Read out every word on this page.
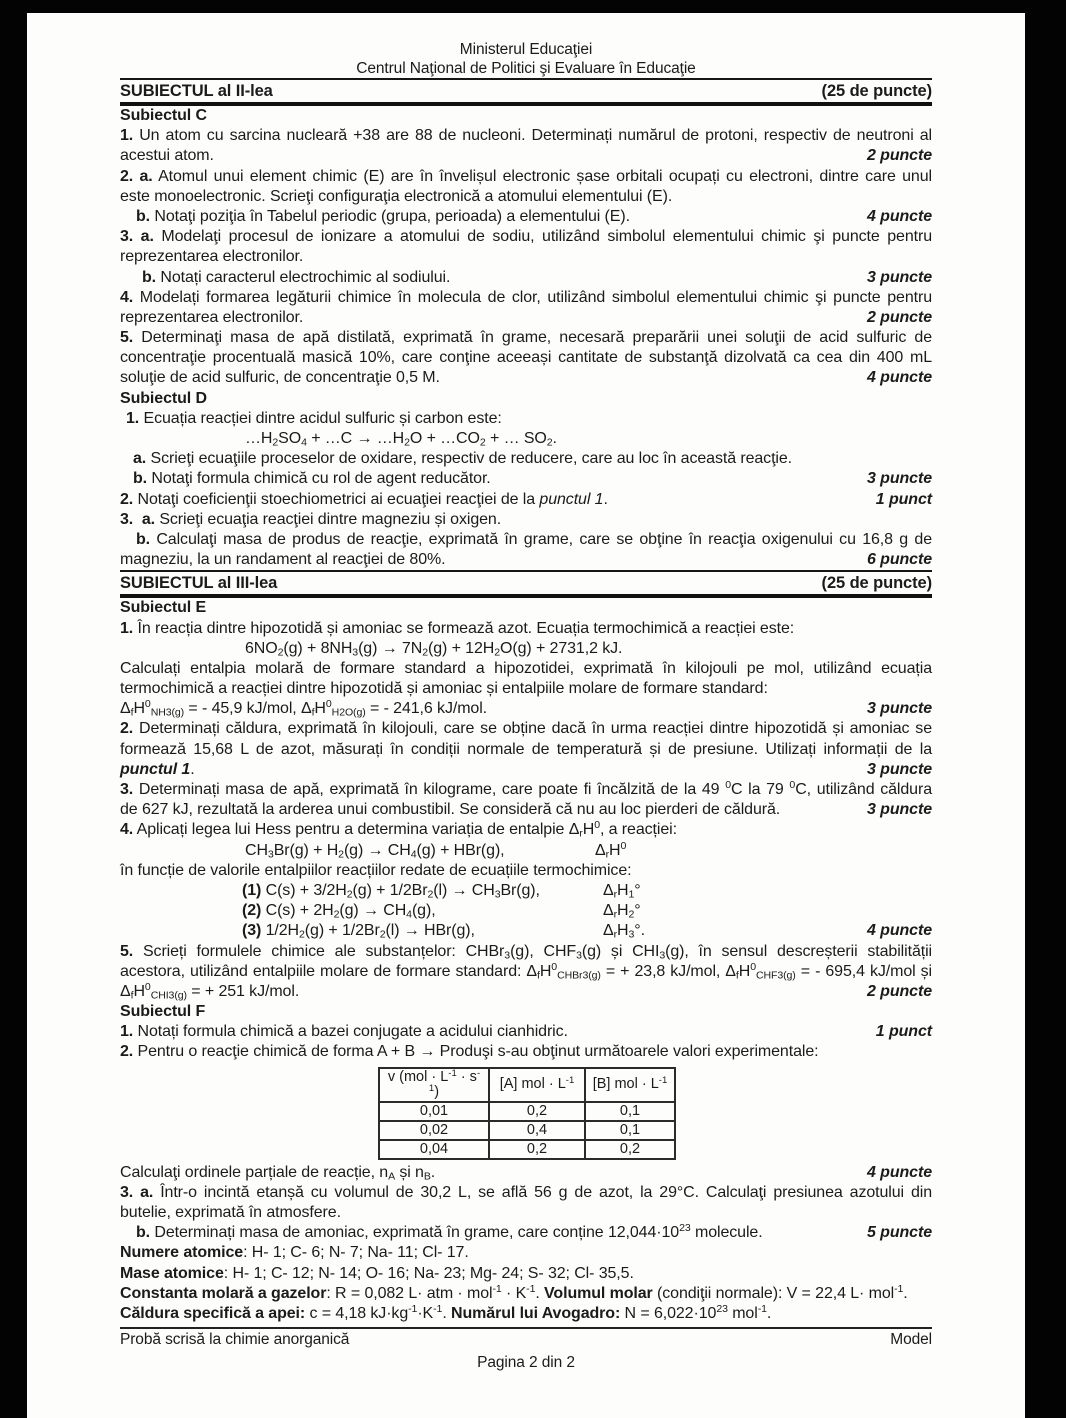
Ministerul Educaţiei
Centrul Naţional de Politici şi Evaluare în Educaţie
SUBIECTUL al II-lea	(25 de puncte)
Subiectul C
1. Un atom cu sarcina nucleară +38 are 88 de nucleoni. Determinați numărul de protoni, respectiv de neutroni al
acestui atom.	2 puncte
2. a. Atomul unui element chimic (E) are în învelișul electronic șase orbitali ocupați cu electroni, dintre care unul
este monoelectronic. Scrieţi configuraţia electronică a atomului elementului (E).
b. Notaţi poziţia în Tabelul periodic (grupa, perioada) a elementului (E).	4 puncte
3. a. Modelaţi procesul de ionizare a atomului de sodiu, utilizând simbolul elementului chimic şi puncte pentru
reprezentarea electronilor.
b. Notați caracterul electrochimic al sodiului.	3 puncte
4. Modelați formarea legăturii chimice în molecula de clor, utilizând simbolul elementului chimic şi puncte pentru
reprezentarea electronilor.	2 puncte
5. Determinaţi masa de apă distilată, exprimată în grame, necesară preparării unei soluţii de acid sulfuric de
concentraţie procentuală masică 10%, care conţine aceeași cantitate de substanţă dizolvată ca cea din 400 mL
soluţie de acid sulfuric, de concentraţie 0,5 M.	4 puncte
Subiectul D
1. Ecuația reacției dintre acidul sulfuric și carbon este:
$\dots H_2SO_4$ + …C → $\dots H_2O$ + $\dots CO_2$ + … $SO_2$.
a. Scrieţi ecuaţiile proceselor de oxidare, respectiv de reducere, care au loc în această reacţie.
b. Notaţi formula chimică cu rol de agent reducător.	3 puncte
2. Notaţi coeficienţii stoechiometrici ai ecuaţiei reacţiei de la punctul 1.	1 punct
3.  a. Scrieţi ecuaţia reacţiei dintre magneziu și oxigen.
b. Calculaţi masa de produs de reacţie, exprimată în grame, care se obţine în reacţia oxigenului cu 16,8 g de
magneziu, la un randament al reacţiei de 80%.	6 puncte
SUBIECTUL al III-lea	(25 de puncte)
Subiectul E
1. În reacția dintre hipozotidă și amoniac se formează azot. Ecuația termochimică a reacției este:
$6NO_2(g) + 8NH_3(g) \to 7N_2(g) + 12H_2O(g) + 2731,2$ kJ.
Calculați entalpia molară de formare standard a hipozotidei, exprimată în kilojouli pe mol, utilizând ecuația
termochimică a reacției dintre hipozotidă și amoniac și entalpiile molare de formare standard:
$\Delta_fH^0_{NH3(g)}$ = - 45,9 kJ/mol, $\Delta_fH^0_{H2O(g)}$ = - 241,6 kJ/mol.	3 puncte
2. Determinați căldura, exprimată în kilojouli, care se obține dacă în urma reacției dintre hipozotidă și amoniac se
formează 15,68 L de azot, măsurați în condiții normale de temperatură și de presiune. Utilizați informații de la
punctul 1.	3 puncte
3. Determinați masa de apă, exprimată în kilograme, care poate fi încălzită de la 49 $^0$C la 79 $^0$C, utilizând căldura
de 627 kJ, rezultată la arderea unui combustibil. Se consideră că nu au loc pierderi de căldură.	3 puncte
4. Aplicați legea lui Hess pentru a determina variația de entalpie $\Delta_rH^0$, a reacției:
$CH_3Br(g) + H_2(g) \to CH_4(g) + HBr(g)$,	$\Delta_rH^0$
în funcție de valorile entalpiilor reacțiilor redate de ecuațiile termochimice:
(1) $C(s) + 3/2H_2(g) + 1/2Br_2(l) \to CH_3Br(g)$,	$\Delta_rH_1^\circ$
(2) $C(s) + 2H_2(g) \to CH_4(g)$,	$\Delta_rH_2^\circ$
(3) $1/2H_2(g) + 1/2Br_2(l) \to HBr(g)$,	$\Delta_rH_3^\circ$.	4 puncte
5. Scrieți formulele chimice ale substanțelor: CHBr$_3$(g), $CHF_3(g)$ și $CHI_3(g)$, în sensul descreșterii stabilității
acestora, utilizând entalpiile molare de formare standard: $\Delta_fH^0_{CHBr3(g)}$ = + 23,8 kJ/mol, $\Delta_fH^0_{CHF3(g)}$ = - 695,4 kJ/mol și
$\Delta_fH^0_{CHI3(g)}$ = + 251 kJ/mol.	2 puncte
Subiectul F
1. Notați formula chimică a bazei conjugate a acidului cianhidric.	1 punct
2. Pentru o reacţie chimică de forma A + B → Produşi s-au obţinut următoarele valori experimentale:
v $(mol \cdot L^{-1} \cdot s^{-1})$	[A] mol · $L^{-1}$	[B] mol · $L^{-1}$
0,01	0,2	0,1
0,02	0,4	0,1
0,04	0,2	0,2
Calculaţi ordinele parțiale de reacție, $n_A$ și $n_B$.	4 puncte
3. a. Într-o incintă etanșă cu volumul de 30,2 L, se află 56 g de azot, la 29°C. Calculaţi presiunea azotului din
butelie, exprimată în atmosfere.
b. Determinați masa de amoniac, exprimată în grame, care conține $12,044\cdot 10^{23}$ molecule.	5 puncte
Numere atomice: H- 1; C- 6; N- 7; Na- 11; Cl- 17.
Mase atomice: H- 1; C- 12; N- 14; O- 16; Na- 23; Mg- 24; S- 32; Cl- 35,5.
Constanta molară a gazelor: R = 0,082 L· atm · $mol^{-1} \cdot K^{-1}$. Volumul molar (condiţii normale): V = 22,4 L· mol$^{-1}$.
Căldura specifică a apei: c = 4,18 $kJ\cdot kg^{-1}\cdot K^{-1}$. Numărul lui Avogadro: $N = 6,022\cdot 10^{23}$ mol$^{-1}$.
Probă scrisă la chimie anorganică	Model
Pagina 2 din 2
